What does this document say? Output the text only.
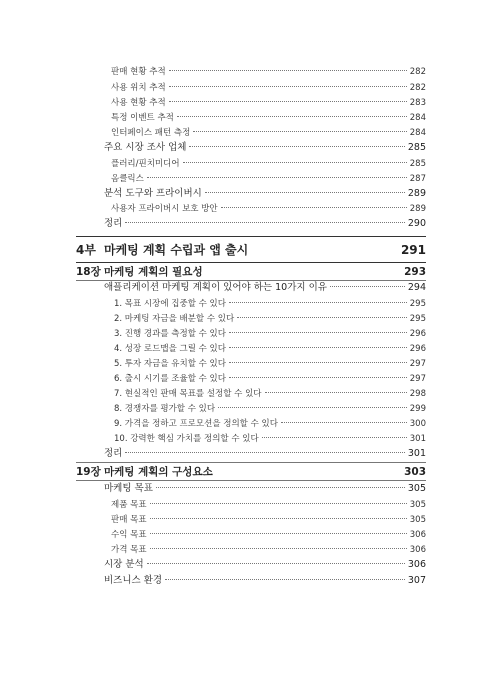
판매 현황 추적	282
사용 위치 추적	282
사용 현황 추적	283
특정 이벤트 추적	284
인터페이스 패턴 측정	284
주요 시장 조사 업체	285
플러리/핀치미디어	285
옴클릭스	287
분석 도구와 프라이버시	289
사용자 프라이버시 보호 방안	289
정리	290
4부 마케팅 계획 수립과 앱 출시	291
18장 마케팅 계획의 필요성	293
애플리케이션 마케팅 계획이 있어야 하는 10가지 이유	294
1. 목표 시장에 집중할 수 있다	295
2. 마케팅 자금을 배분할 수 있다	295
3. 진행 경과를 측정할 수 있다	296
4. 성장 로드맵을 그릴 수 있다	296
5. 투자 자금을 유치할 수 있다	297
6. 출시 시기를 조율할 수 있다	297
7. 현실적인 판매 목표를 설정할 수 있다	298
8. 경쟁자를 평가할 수 있다	299
9. 가격을 정하고 프로모션을 정의할 수 있다	300
10. 강력한 핵심 가치를 정의할 수 있다	301
정리	301
19장 마케팅 계획의 구성요소	303
마케팅 목표	305
제품 목표	305
판매 목표	305
수익 목표	306
가격 목표	306
시장 분석	306
비즈니스 환경	307
